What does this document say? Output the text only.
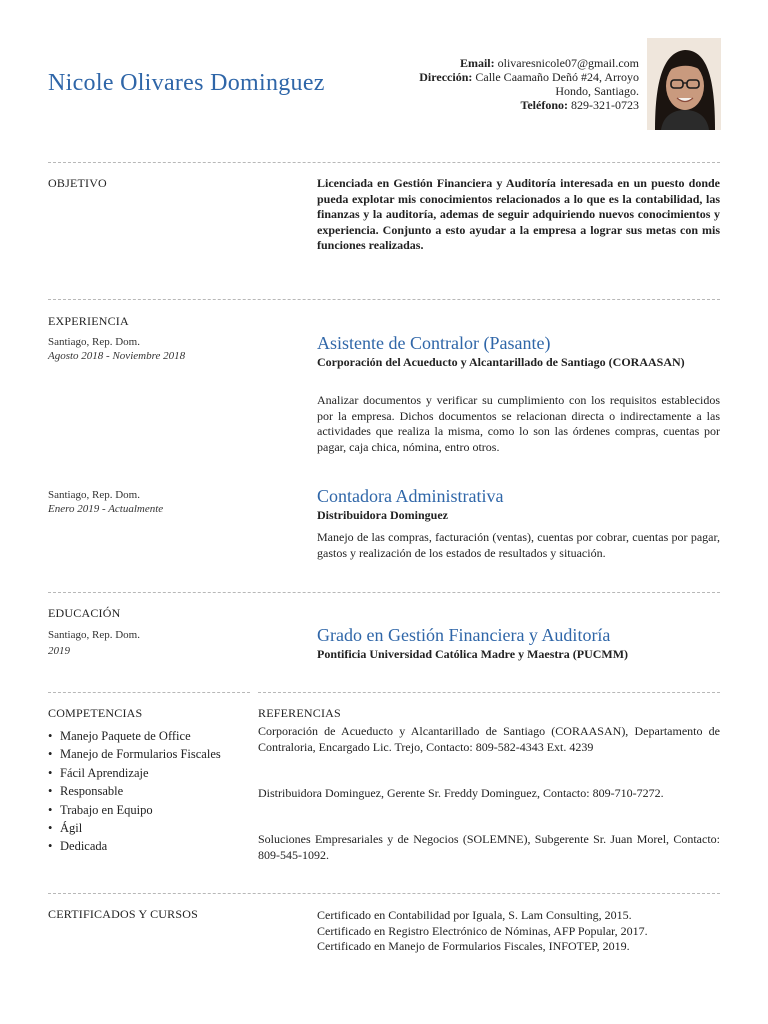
Nicole Olivares Dominguez
Email: olivaresnicole07@gmail.com
Dirección: Calle Caamaño Deñó #24, Arroyo
Hondo, Santiago.
Teléfono: 829-321-0723
OBJETIVO	Licenciada en Gestión Financiera y Auditoría interesada en un puesto donde pueda explotar mis conocimientos relacionados a lo que es la contabilidad, las finanzas y la auditoría, ademas de seguir adquiriendo nuevos conocimientos y experiencia. Conjunto a esto ayudar a la empresa a lograr sus metas con mis funciones realizadas.
EXPERIENCIA
Santiago, Rep. Dom.
Agosto 2018 - Noviembre 2018
Asistente de Contralor (Pasante)
Corporación del Acueducto y Alcantarillado de Santiago (CORAASAN)
Analizar documentos y verificar su cumplimiento con los requisitos establecidos por la empresa. Dichos documentos se relacionan directa o indirectamente a las actividades que realiza la misma, como lo son las órdenes compras, cuentas por pagar, caja chica, nómina, entro otros.
Santiago, Rep. Dom.
Enero 2019 - Actualmente
Contadora Administrativa
Distribuidora Dominguez
Manejo de las compras, facturación (ventas), cuentas por cobrar, cuentas por pagar, gastos y realización de los estados de resultados y situación.
EDUCACIÓN
Santiago, Rep. Dom.
2019
Grado en Gestión Financiera y Auditoría
Pontificia Universidad Católica Madre y Maestra (PUCMM)
COMPETENCIAS
• Manejo Paquete de Office
• Manejo de Formularios Fiscales
• Fácil Aprendizaje
• Responsable
• Trabajo en Equipo
• Ágil
• Dedicada
REFERENCIAS
Corporación de Acueducto y Alcantarillado de Santiago (CORAASAN), Departamento de Contraloria, Encargado Lic. Trejo, Contacto: 809-582-4343 Ext. 4239
Distribuidora Dominguez, Gerente Sr. Freddy Dominguez, Contacto: 809-710-7272.
Soluciones Empresariales y de Negocios (SOLEMNE), Subgerente Sr. Juan Morel, Contacto: 809-545-1092.
CERTIFICADOS Y CURSOS	Certificado en Contabilidad por Iguala, S. Lam Consulting, 2015.
Certificado en Registro Electrónico de Nóminas, AFP Popular, 2017.
Certificado en Manejo de Formularios Fiscales, INFOTEP, 2019.
